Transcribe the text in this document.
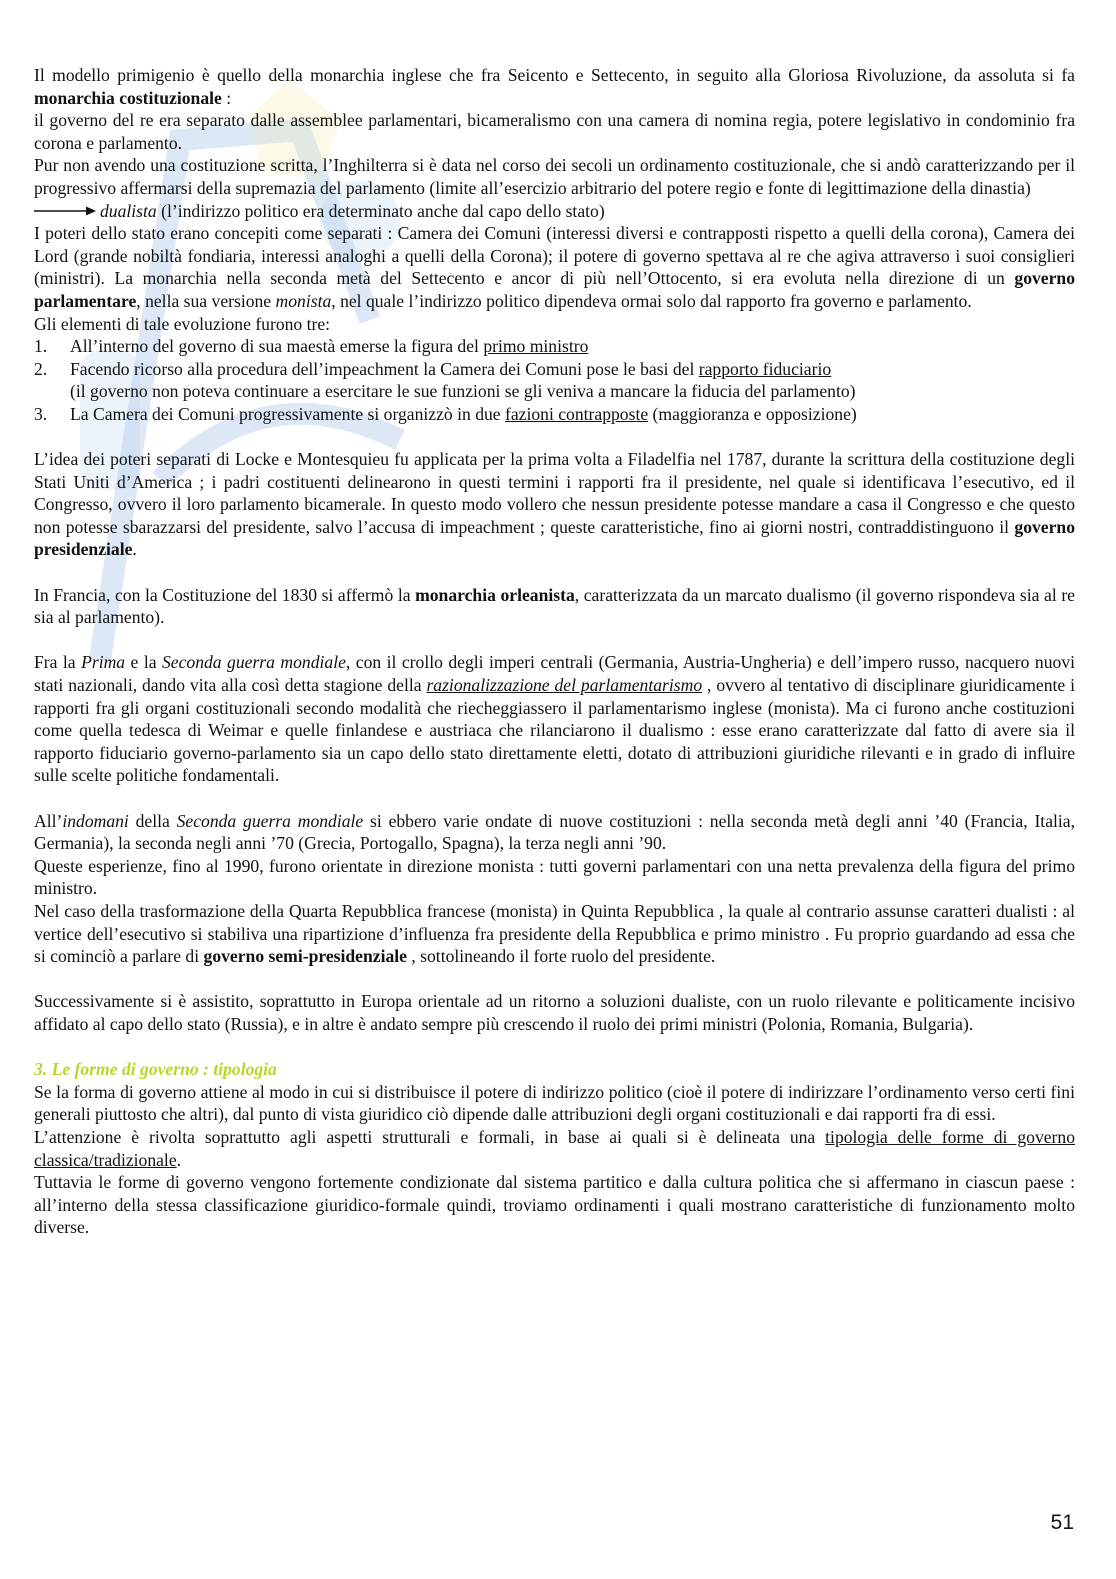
Il modello primigenio è quello della monarchia inglese che fra Seicento e Settecento, in seguito alla Gloriosa Rivoluzione, da assoluta si fa monarchia costituzionale :

il governo del re era separato dalle assemblee parlamentari, bicameralismo con una camera di nomina regia, potere legislativo in condominio fra corona e parlamento.

Pur non avendo una costituzione scritta, l’Inghilterra si è data nel corso dei secoli un ordinamento costituzionale, che si andò caratterizzando per il progressivo affermarsi della supremazia del parlamento (limite all’esercizio arbitrario del potere regio e fonte di legittimazione della dinastia)

dualista (l’indirizzo politico era determinato anche dal capo dello stato)

I poteri dello stato erano concepiti come separati : Camera dei Comuni (interessi diversi e contrapposti rispetto a quelli della corona), Camera dei Lord (grande nobiltà fondiaria, interessi analoghi a quelli della Corona); il potere di governo spettava al re che agiva attraverso i suoi consiglieri (ministri). La monarchia nella seconda metà del Settecento e ancor di più nell’Ottocento, si era evoluta nella direzione di un governo parlamentare, nella sua versione monista, nel quale l’indirizzo politico dipendeva ormai solo dal rapporto fra governo e parlamento.

Gli elementi di tale evoluzione furono tre:

1.	All’interno del governo di sua maestà emerse la figura del primo ministro
2.	Facendo ricorso alla procedura dell’impeachment la Camera dei Comuni pose le basi del rapporto fiduciario
(il governo non poteva continuare a esercitare le sue funzioni se gli veniva a mancare la fiducia del parlamento)
3.	La Camera dei Comuni progressivamente si organizzò in due fazioni contrapposte (maggioranza e opposizione)

L’idea dei poteri separati di Locke e Montesquieu fu applicata per la prima volta a Filadelfia nel 1787, durante la scrittura della costituzione degli Stati Uniti d’America ; i padri costituenti delinearono in questi termini i rapporti fra il presidente, nel quale si identificava l’esecutivo, ed il Congresso, ovvero il loro parlamento bicamerale. In questo modo vollero che nessun presidente potesse mandare a casa il Congresso e che questo non potesse sbarazzarsi del presidente, salvo l’accusa di impeachment ; queste caratteristiche, fino ai giorni nostri, contraddistinguono il governo presidenziale.

In Francia, con la Costituzione del 1830 si affermò la monarchia orleanista, caratterizzata da un marcato dualismo (il governo rispondeva sia al re sia al parlamento).

Fra la Prima e la Seconda guerra mondiale, con il crollo degli imperi centrali (Germania, Austria-Ungheria) e dell’impero russo, nacquero nuovi stati nazionali, dando vita alla così detta stagione della razionalizzazione del parlamentarismo , ovvero al tentativo di disciplinare giuridicamente i rapporti fra gli organi costituzionali secondo modalità che riecheggiassero il parlamentarismo inglese (monista). Ma ci furono anche costituzioni come quella tedesca di Weimar e quelle finlandese e austriaca che rilanciarono il dualismo : esse erano caratterizzate dal fatto di avere sia il rapporto fiduciario governo-parlamento sia un capo dello stato direttamente eletti, dotato di attribuzioni giuridiche rilevanti e in grado di influire sulle scelte politiche fondamentali.

All’indomani della Seconda guerra mondiale si ebbero varie ondate di nuove costituzioni : nella seconda metà degli anni ’40 (Francia, Italia, Germania), la seconda negli anni ’70 (Grecia, Portogallo, Spagna), la terza negli anni ’90.

Queste esperienze, fino al 1990, furono orientate in direzione monista : tutti governi parlamentari con una netta prevalenza della figura del primo ministro.

Nel caso della trasformazione della Quarta Repubblica francese (monista) in Quinta Repubblica , la quale al contrario assunse caratteri dualisti : al vertice dell’esecutivo si stabiliva una ripartizione d’influenza fra presidente della Repubblica e primo ministro . Fu proprio guardando ad essa che si cominciò a parlare di governo semi-presidenziale , sottolineando il forte ruolo del presidente.

Successivamente si è assistito, soprattutto in Europa orientale ad un ritorno a soluzioni dualiste, con un ruolo rilevante e politicamente incisivo affidato al capo dello stato (Russia), e in altre è andato sempre più crescendo il ruolo dei primi ministri (Polonia, Romania, Bulgaria).

3. Le forme di governo : tipologia

Se la forma di governo attiene al modo in cui si distribuisce il potere di indirizzo politico (cioè il potere di indirizzare l’ordinamento verso certi fini generali piuttosto che altri), dal punto di vista giuridico ciò dipende dalle attribuzioni degli organi costituzionali e dai rapporti fra di essi.

L’attenzione è rivolta soprattutto agli aspetti strutturali e formali, in base ai quali si è delineata una tipologia delle forme di governo classica/tradizionale.

Tuttavia le forme di governo vengono fortemente condizionate dal sistema partitico e dalla cultura politica che si affermano in ciascun paese : all’interno della stessa classificazione giuridico-formale quindi, troviamo ordinamenti i quali mostrano caratteristiche di funzionamento molto diverse.

51
